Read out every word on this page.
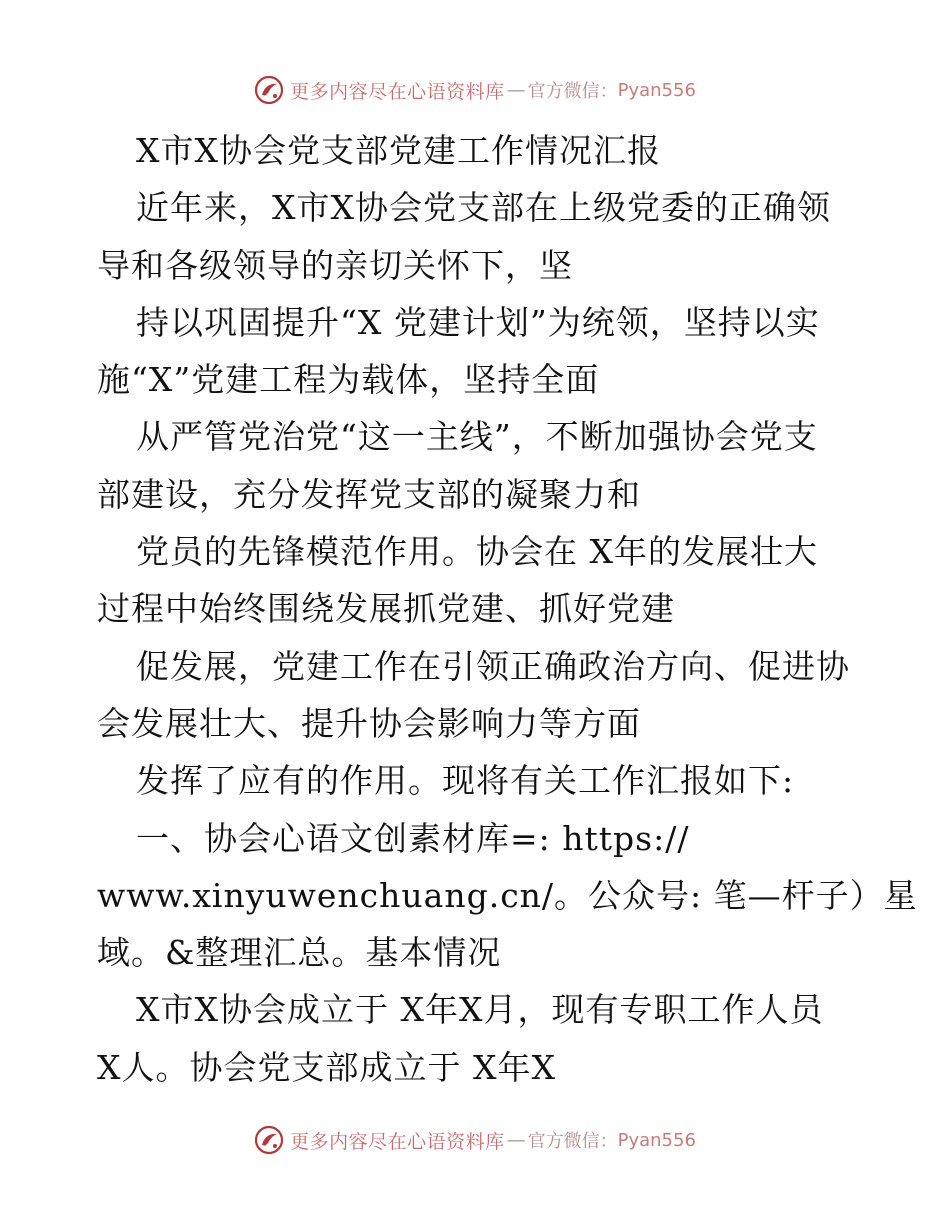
更多内容尽在心语资料库 — 官方微信： Pyan556
X市X协会党支部党建工作情况汇报
近年来，X市X协会党支部在上级党委的正确领
导和各级领导的亲切关怀下，坚
持以巩固提升“X 党建计划”为统领，坚持以实
施“X”党建工程为载体，坚持全面
从严管党治党“这一主线”，不断加强协会党支
部建设，充分发挥党支部的凝聚力和
党员的先锋模范作用。协会在 X年的发展壮大
过程中始终围绕发展抓党建、抓好党建
促发展，党建工作在引领正确政治方向、促进协
会发展壮大、提升协会影响力等方面
发挥了应有的作用。现将有关工作汇报如下:
一、协会心语文创素材库=: https://
www.xinyuwenchuang.cn/。公众号: 笔—杆子）星
域。&整理汇总。基本情况
X市X协会成立于 X年X月，现有专职工作人员
X人。协会党支部成立于 X年X
更多内容尽在心语资料库 — 官方微信： Pyan556
